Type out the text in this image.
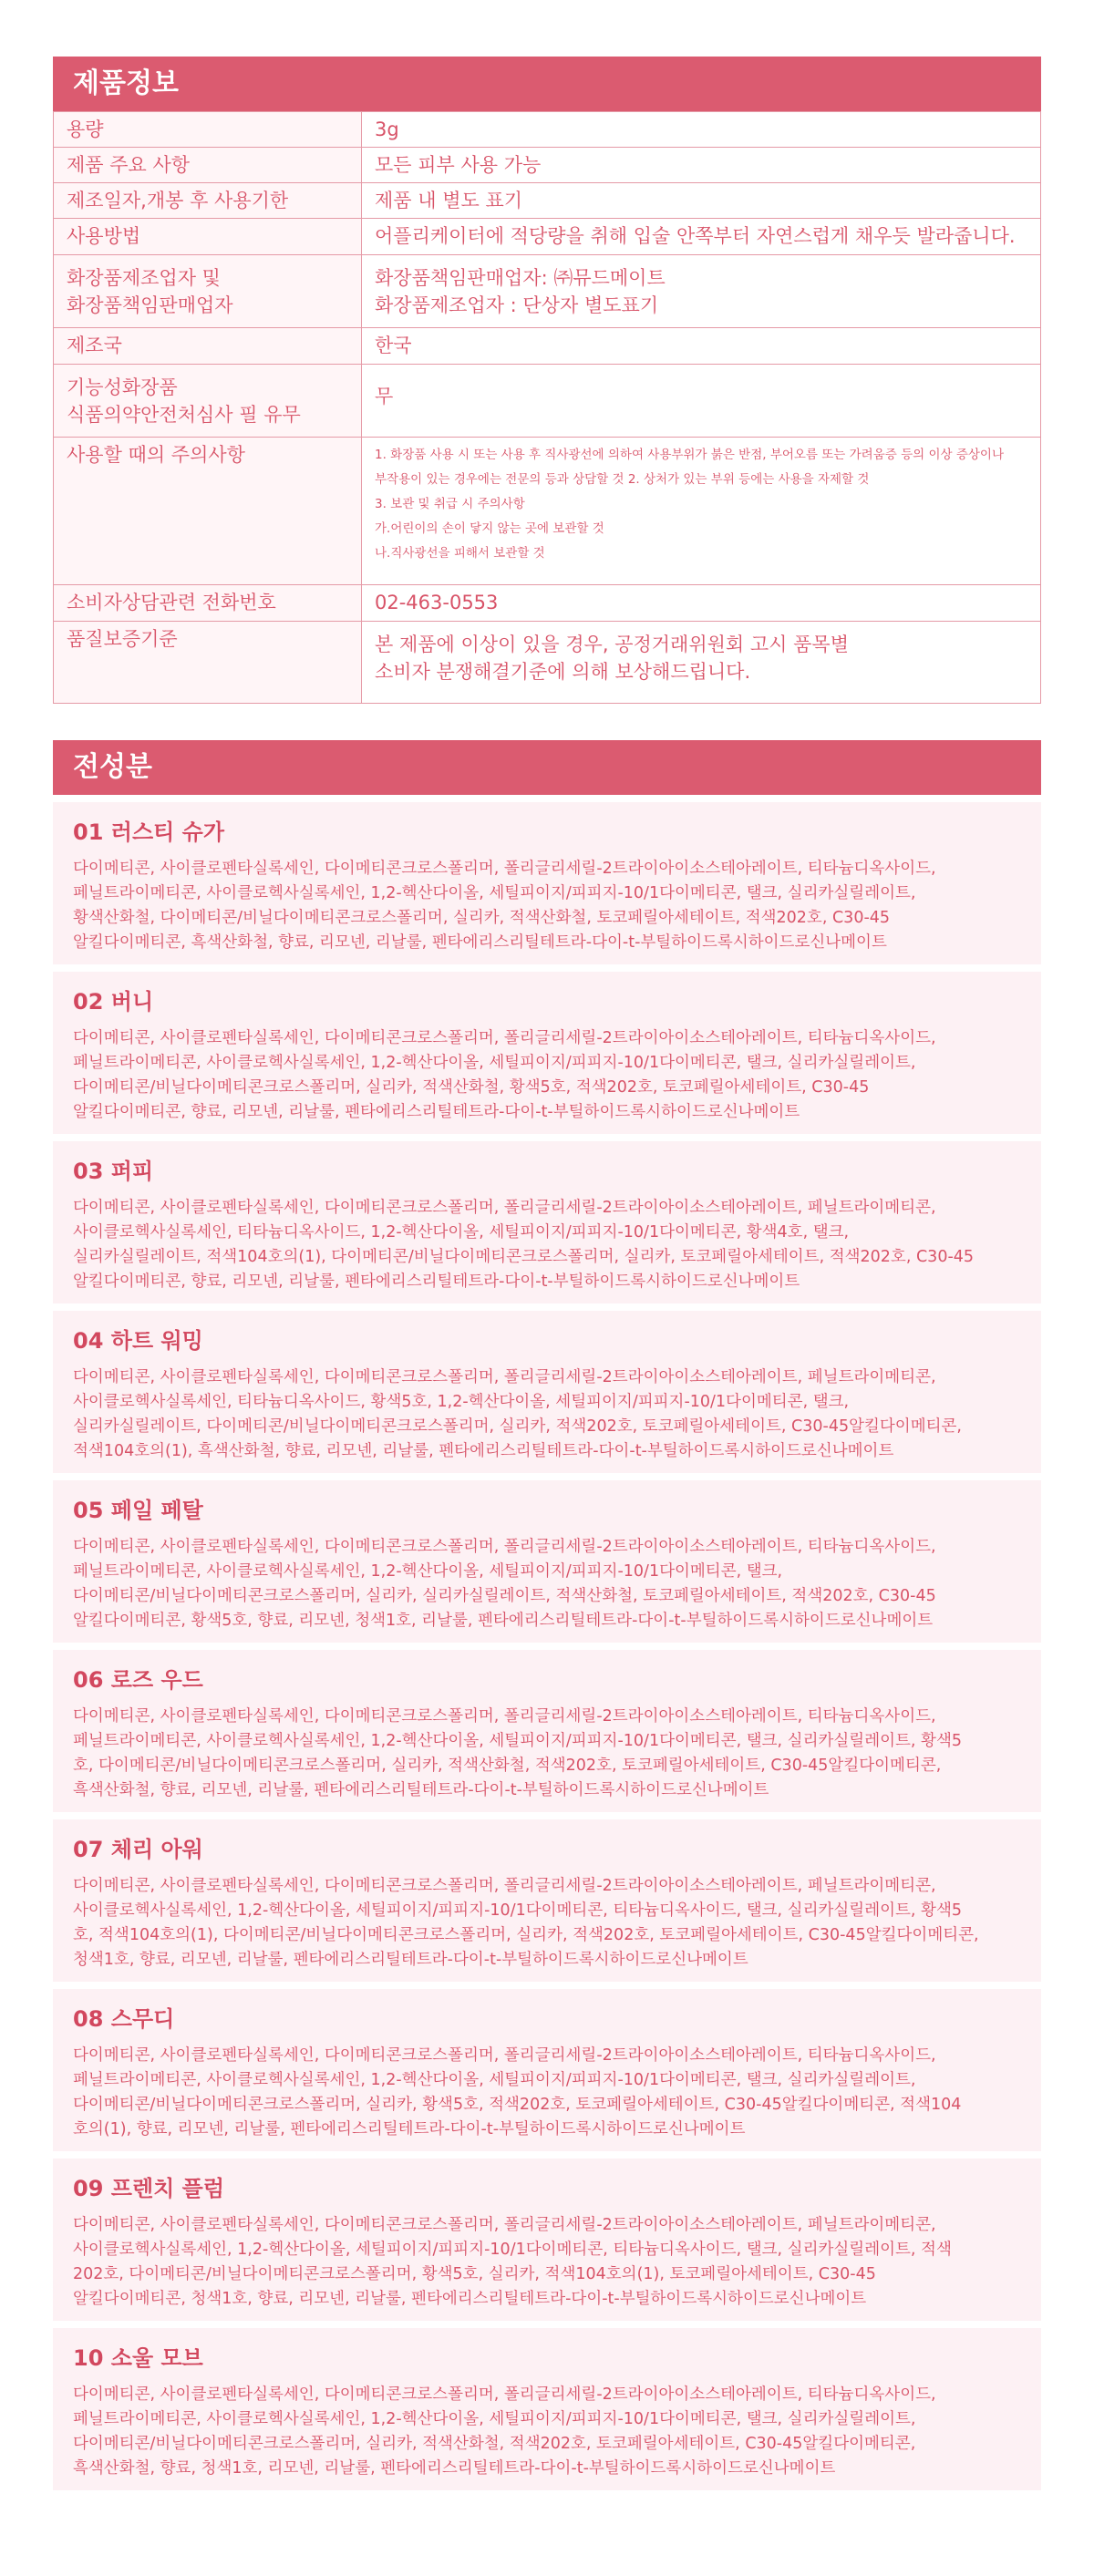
제품정보
용량	3g

제품 주요 사항	모든 피부 사용 가능

제조일자,개봉 후 사용기한	제품 내 별도 표기

사용방법	어플리케이터에 적당량을 취해 입술 안쪽부터 자연스럽게 채우듯 발라줍니다.

화장품제조업자 및
화장품책임판매업자	화장품책임판매업자: ㈜뮤드메이트
화장품제조업자 : 단상자 별도표기

제조국	한국

기능성화장품
식품의약안전처심사 필 유무	무

사용할 때의 주의사항	1. 화장품 사용 시 또는 사용 후 직사광선에 의하여 사용부위가 붉은 반점, 부어오름 또는 가려움증 등의 이상 증상이나
부작용이 있는 경우에는 전문의 등과 상담할 것 2. 상처가 있는 부위 등에는 사용을 자제할 것
3. 보관 및 취급 시 주의사항
가.어린이의 손이 닿지 않는 곳에 보관할 것
나.직사광선을 피해서 보관할 것

소비자상담관련 전화번호	02-463-0553

품질보증기준	본 제품에 이상이 있을 경우, 공정거래위원회 고시 품목별
소비자 분쟁해결기준에 의해 보상해드립니다.
전성분
01 러스티 슈가
다이메티콘, 사이클로펜타실록세인, 다이메티콘크로스폴리머, 폴리글리세릴-2트라이아이소스테아레이트, 티타늄디옥사이드,
페닐트라이메티콘, 사이클로헥사실록세인, 1,2-헥산다이올, 세틸피이지/피피지-10/1다이메티콘, 탤크, 실리카실릴레이트,
황색산화철, 다이메티콘/비닐다이메티콘크로스폴리머, 실리카, 적색산화철, 토코페릴아세테이트, 적색202호, C30-45
알킬다이메티콘, 흑색산화철, 향료, 리모넨, 리날룰, 펜타에리스리틸테트라-다이-t-부틸하이드록시하이드로신나메이트
02 버니
다이메티콘, 사이클로펜타실록세인, 다이메티콘크로스폴리머, 폴리글리세릴-2트라이아이소스테아레이트, 티타늄디옥사이드,
페닐트라이메티콘, 사이클로헥사실록세인, 1,2-헥산다이올, 세틸피이지/피피지-10/1다이메티콘, 탤크, 실리카실릴레이트,
다이메티콘/비닐다이메티콘크로스폴리머, 실리카, 적색산화철, 황색5호, 적색202호, 토코페릴아세테이트, C30-45
알킬다이메티콘, 향료, 리모넨, 리날룰, 펜타에리스리틸테트라-다이-t-부틸하이드록시하이드로신나메이트
03 퍼피
다이메티콘, 사이클로펜타실록세인, 다이메티콘크로스폴리머, 폴리글리세릴-2트라이아이소스테아레이트, 페닐트라이메티콘,
사이클로헥사실록세인, 티타늄디옥사이드, 1,2-헥산다이올, 세틸피이지/피피지-10/1다이메티콘, 황색4호, 탤크,
실리카실릴레이트, 적색104호의(1), 다이메티콘/비닐다이메티콘크로스폴리머, 실리카, 토코페릴아세테이트, 적색202호, C30-45
알킬다이메티콘, 향료, 리모넨, 리날룰, 펜타에리스리틸테트라-다이-t-부틸하이드록시하이드로신나메이트
04 하트 워밍
다이메티콘, 사이클로펜타실록세인, 다이메티콘크로스폴리머, 폴리글리세릴-2트라이아이소스테아레이트, 페닐트라이메티콘,
사이클로헥사실록세인, 티타늄디옥사이드, 황색5호, 1,2-헥산다이올, 세틸피이지/피피지-10/1다이메티콘, 탤크,
실리카실릴레이트, 다이메티콘/비닐다이메티콘크로스폴리머, 실리카, 적색202호, 토코페릴아세테이트, C30-45알킬다이메티콘,
적색104호의(1), 흑색산화철, 향료, 리모넨, 리날룰, 펜타에리스리틸테트라-다이-t-부틸하이드록시하이드로신나메이트
05 페일 페탈
다이메티콘, 사이클로펜타실록세인, 다이메티콘크로스폴리머, 폴리글리세릴-2트라이아이소스테아레이트, 티타늄디옥사이드,
페닐트라이메티콘, 사이클로헥사실록세인, 1,2-헥산다이올, 세틸피이지/피피지-10/1다이메티콘, 탤크,
다이메티콘/비닐다이메티콘크로스폴리머, 실리카, 실리카실릴레이트, 적색산화철, 토코페릴아세테이트, 적색202호, C30-45
알킬다이메티콘, 황색5호, 향료, 리모넨, 청색1호, 리날룰, 펜타에리스리틸테트라-다이-t-부틸하이드록시하이드로신나메이트
06 로즈 우드
다이메티콘, 사이클로펜타실록세인, 다이메티콘크로스폴리머, 폴리글리세릴-2트라이아이소스테아레이트, 티타늄디옥사이드,
페닐트라이메티콘, 사이클로헥사실록세인, 1,2-헥산다이올, 세틸피이지/피피지-10/1다이메티콘, 탤크, 실리카실릴레이트, 황색5
호, 다이메티콘/비닐다이메티콘크로스폴리머, 실리카, 적색산화철, 적색202호, 토코페릴아세테이트, C30-45알킬다이메티콘,
흑색산화철, 향료, 리모넨, 리날룰, 펜타에리스리틸테트라-다이-t-부틸하이드록시하이드로신나메이트
07 체리 아워
다이메티콘, 사이클로펜타실록세인, 다이메티콘크로스폴리머, 폴리글리세릴-2트라이아이소스테아레이트, 페닐트라이메티콘,
사이클로헥사실록세인, 1,2-헥산다이올, 세틸피이지/피피지-10/1다이메티콘, 티타늄디옥사이드, 탤크, 실리카실릴레이트, 황색5
호, 적색104호의(1), 다이메티콘/비닐다이메티콘크로스폴리머, 실리카, 적색202호, 토코페릴아세테이트, C30-45알킬다이메티콘,
청색1호, 향료, 리모넨, 리날룰, 펜타에리스리틸테트라-다이-t-부틸하이드록시하이드로신나메이트
08 스무디
다이메티콘, 사이클로펜타실록세인, 다이메티콘크로스폴리머, 폴리글리세릴-2트라이아이소스테아레이트, 티타늄디옥사이드,
페닐트라이메티콘, 사이클로헥사실록세인, 1,2-헥산다이올, 세틸피이지/피피지-10/1다이메티콘, 탤크, 실리카실릴레이트,
다이메티콘/비닐다이메티콘크로스폴리머, 실리카, 황색5호, 적색202호, 토코페릴아세테이트, C30-45알킬다이메티콘, 적색104
호의(1), 향료, 리모넨, 리날룰, 펜타에리스리틸테트라-다이-t-부틸하이드록시하이드로신나메이트
09 프렌치 플럼
다이메티콘, 사이클로펜타실록세인, 다이메티콘크로스폴리머, 폴리글리세릴-2트라이아이소스테아레이트, 페닐트라이메티콘,
사이클로헥사실록세인, 1,2-헥산다이올, 세틸피이지/피피지-10/1다이메티콘, 티타늄디옥사이드, 탤크, 실리카실릴레이트, 적색
202호, 다이메티콘/비닐다이메티콘크로스폴리머, 황색5호, 실리카, 적색104호의(1), 토코페릴아세테이트, C30-45
알킬다이메티콘, 청색1호, 향료, 리모넨, 리날룰, 펜타에리스리틸테트라-다이-t-부틸하이드록시하이드로신나메이트
10 소울 모브
다이메티콘, 사이클로펜타실록세인, 다이메티콘크로스폴리머, 폴리글리세릴-2트라이아이소스테아레이트, 티타늄디옥사이드,
페닐트라이메티콘, 사이클로헥사실록세인, 1,2-헥산다이올, 세틸피이지/피피지-10/1다이메티콘, 탤크, 실리카실릴레이트,
다이메티콘/비닐다이메티콘크로스폴리머, 실리카, 적색산화철, 적색202호, 토코페릴아세테이트, C30-45알킬다이메티콘,
흑색산화철, 향료, 청색1호, 리모넨, 리날룰, 펜타에리스리틸테트라-다이-t-부틸하이드록시하이드로신나메이트
